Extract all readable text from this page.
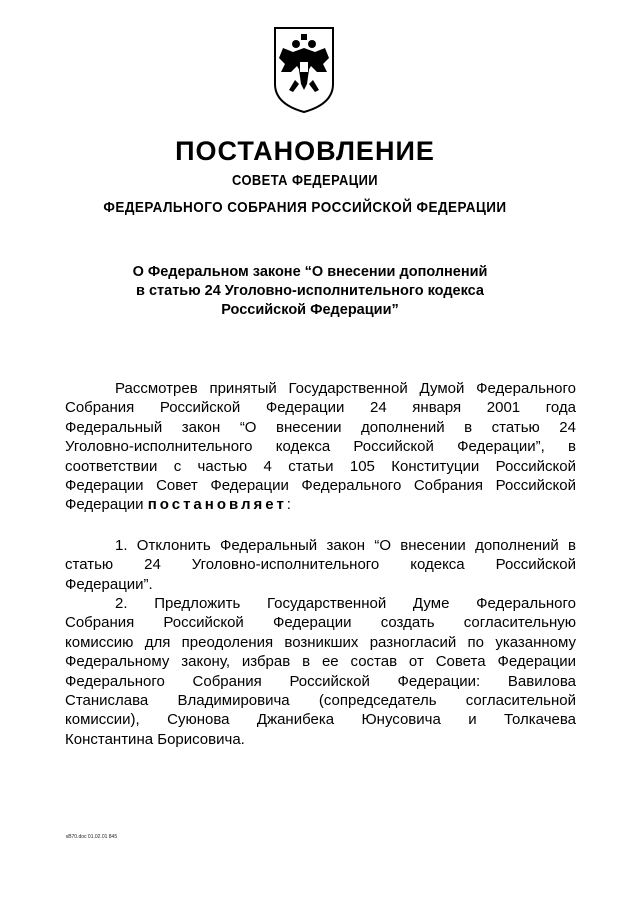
ПОСТАНОВЛЕНИЕ
СОВЕТА ФЕДЕРАЦИИ
ФЕДЕРАЛЬНОГО СОБРАНИЯ РОССИЙСКОЙ ФЕДЕРАЦИИ
О Федеральном законе “О внесении дополнений
в статью 24 Уголовно-исполнительного кодекса
Российской Федерации”
Рассмотрев принятый Государственной Думой Федерального
Собрания Российской Федерации 24 января 2001 года
Федеральный закон “О внесении дополнений в статью 24
Уголовно-исполнительного кодекса Российской Федерации”, в
соответствии с частью 4 статьи 105 Конституции Российской
Федерации Совет Федерации Федерального Собрания Российской
Федерации постановляет:
1. Отклонить Федеральный закон “О внесении дополнений в
статью 24 Уголовно-исполнительного кодекса Российской
Федерации”.
2. Предложить Государственной Думе Федерального
Собрания Российской Федерации создать согласительную
комиссию для преодоления возникших разногласий по указанному
Федеральному закону, избрав в ее состав от Совета Федерации
Федерального Собрания Российской Федерации: Вавилова
Станислава Владимировича (сопредседатель согласительной
комиссии), Суюнова Джанибека Юнусовича и Толкачева
Константина Борисовича.
кВ70.doc 01.02.01 845
